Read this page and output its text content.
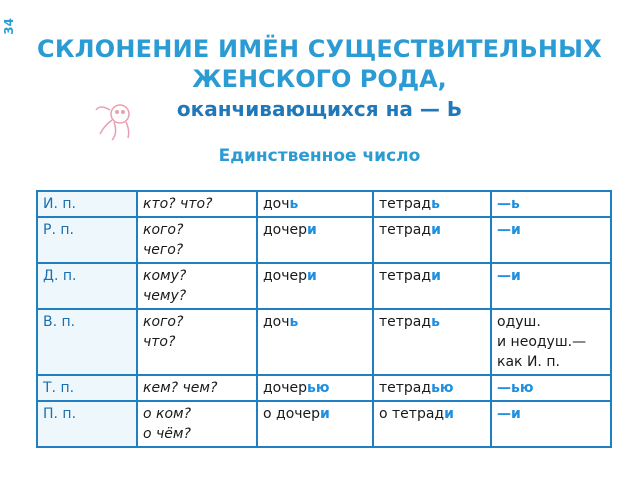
34
СКЛОНЕНИЕ ИМЁН СУЩЕСТВИТЕЛЬНЫХ
ЖЕНСКОГО РОДА,
оканчивающихся на — Ь
Единственное число
И. п.	кто? что?	дочь	тетрадь	—ь

Р. п.	кого?
чего?	дочери	тетради	—и

Д. п.	кому?
чему?	дочери	тетради	—и

В. п.	кого?
что?	дочь	тетрадь	одуш.
и неодуш.—
как И. п.

Т. п.	кем? чем?	дочерью	тетрадью	—ью

П. п.	о ком?
о чём?	о дочери	о тетради	—и
